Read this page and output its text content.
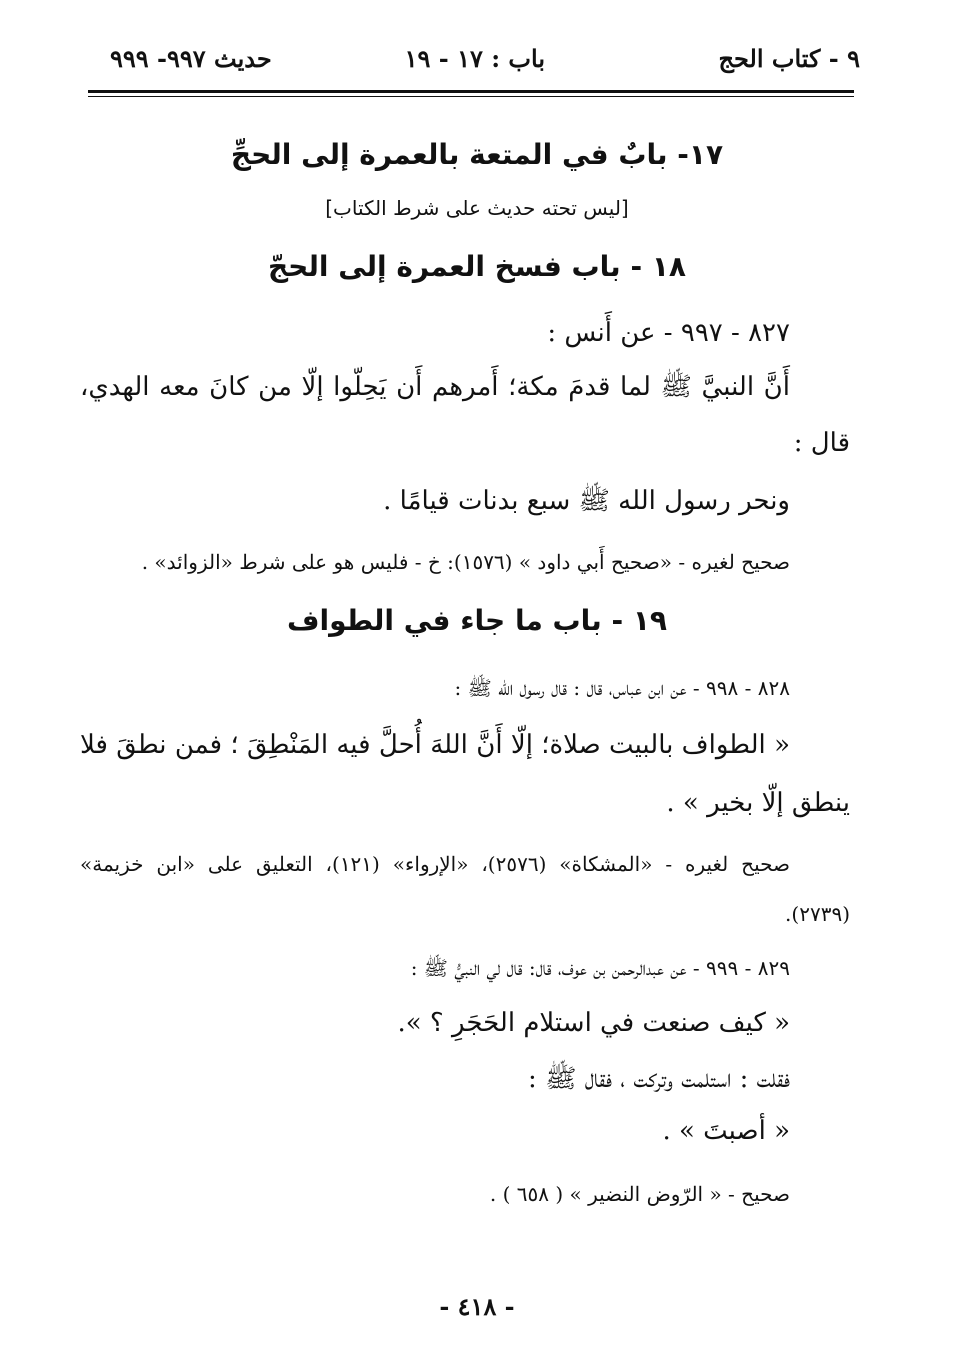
٩ - كتاب الحج
باب : ١٧ - ١٩
حديث ٩٩٧- ٩٩٩
١٧- بابٌ في المتعة بالعمرة إلى الحجِّ
[ليس تحته حديث على شرط الكتاب]
١٨ - باب فسخ العمرة إلى الحجّ
٨٢٧ - ٩٩٧ - عن أَنس :
أَنَّ النبيَّ ﷺ لما قدمَ مكة؛ أَمرهم أَن يَحِلّوا إلّا من كانَ معه الهدي،
قال :
ونحر رسول الله ﷺ سبع بدنات قيامًا .
صحيح لغيره - «صحيح أَبي داود » (١٥٧٦): خ - فليس هو على شرط «الزوائد» .
١٩ - باب ما جاء في الطواف
٨٢٨ - ٩٩٨ - عن ابن عباس، قال : قال رسول الله ﷺ :
« الطواف بالبيت صلاة؛ إلّا أَنَّ اللهَ أُحلَّ فيه المَنْطِقَ ؛ فمن نطقَ فلا
ينطق إلّا بخير » .
صحيح لغيره - «المشكاة» (٢٥٧٦)، «الإرواء» (١٢١)، التعليق على «ابن خزيمة»
(٢٧٣٩).
٨٢٩ - ٩٩٩ - عن عبدالرحمن بن عوف، قال: قال لي النبيُّ ﷺ :
« كيف صنعت في استلام الحَجَرِ ؟ ».
فقلت : استلمت وتركت ، فقال ﷺ :
« أصبتَ » .
صحيح - « الرّوض النضير » ( ٦٥٨ ) .
- ٤١٨ -
